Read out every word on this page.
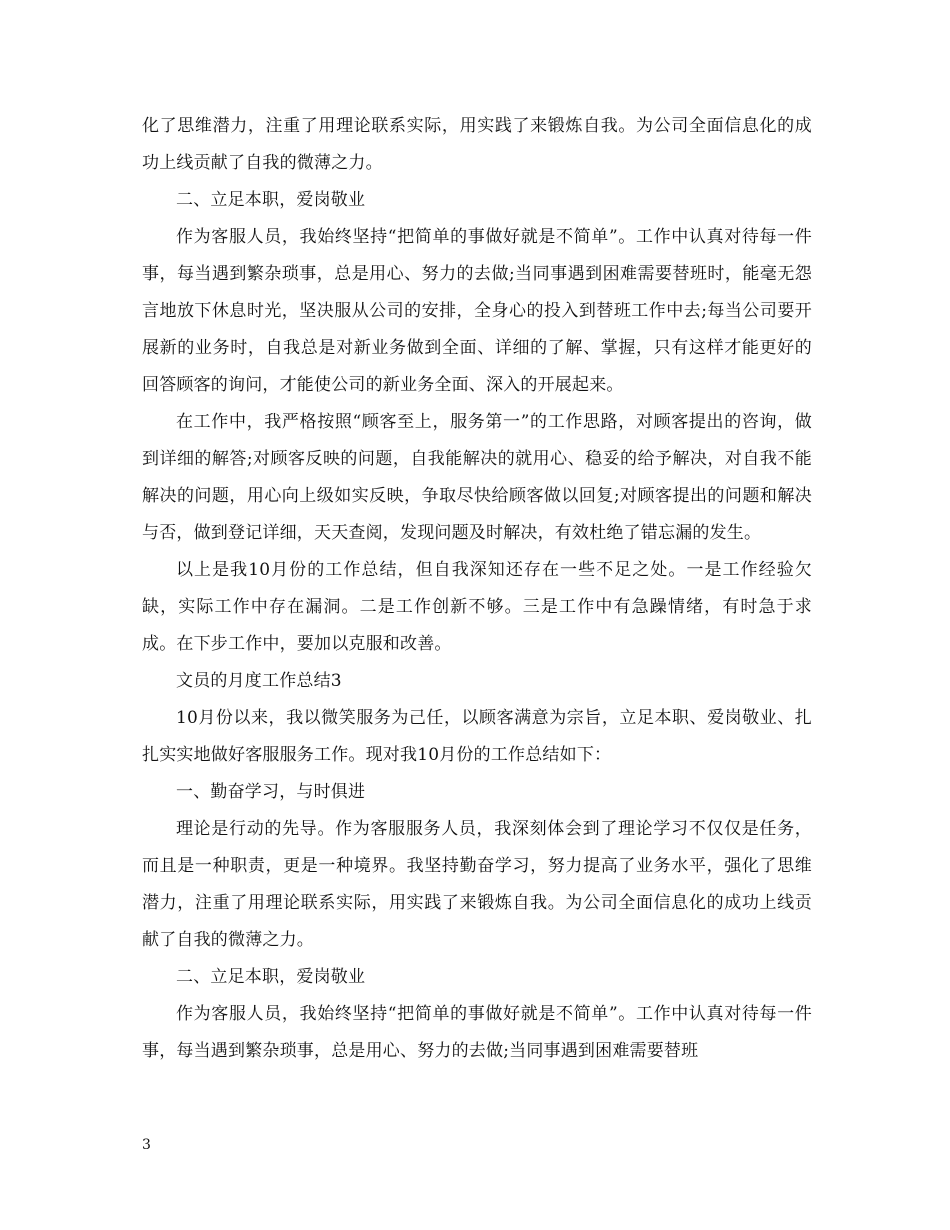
化了思维潜力，注重了用理论联系实际，用实践了来锻炼自我。为公司全面信息化的成功上线贡献了自我的微薄之力。

二、立足本职，爱岗敬业

作为客服人员，我始终坚持“把简单的事做好就是不简单”。工作中认真对待每一件事，每当遇到繁杂琐事，总是用心、努力的去做;当同事遇到困难需要替班时，能毫无怨言地放下休息时光，坚决服从公司的安排，全身心的投入到替班工作中去;每当公司要开展新的业务时，自我总是对新业务做到全面、详细的了解、掌握，只有这样才能更好的回答顾客的询问，才能使公司的新业务全面、深入的开展起来。

在工作中，我严格按照“顾客至上，服务第一”的工作思路，对顾客提出的咨询，做到详细的解答;对顾客反映的问题，自我能解决的就用心、稳妥的给予解决，对自我不能解决的问题，用心向上级如实反映，争取尽快给顾客做以回复;对顾客提出的问题和解决与否，做到登记详细，天天查阅，发现问题及时解决，有效杜绝了错忘漏的发生。

以上是我10月份的工作总结，但自我深知还存在一些不足之处。一是工作经验欠缺，实际工作中存在漏洞。二是工作创新不够。三是工作中有急躁情绪，有时急于求成。在下步工作中，要加以克服和改善。

文员的月度工作总结3

10月份以来，我以微笑服务为己任，以顾客满意为宗旨，立足本职、爱岗敬业、扎扎实实地做好客服服务工作。现对我10月份的工作总结如下：

一、勤奋学习，与时俱进

理论是行动的先导。作为客服服务人员，我深刻体会到了理论学习不仅仅是任务，而且是一种职责，更是一种境界。我坚持勤奋学习，努力提高了业务水平，强化了思维潜力，注重了用理论联系实际，用实践了来锻炼自我。为公司全面信息化的成功上线贡献了自我的微薄之力。

二、立足本职，爱岗敬业

作为客服人员，我始终坚持“把简单的事做好就是不简单”。工作中认真对待每一件事，每当遇到繁杂琐事，总是用心、努力的去做;当同事遇到困难需要替班

3
